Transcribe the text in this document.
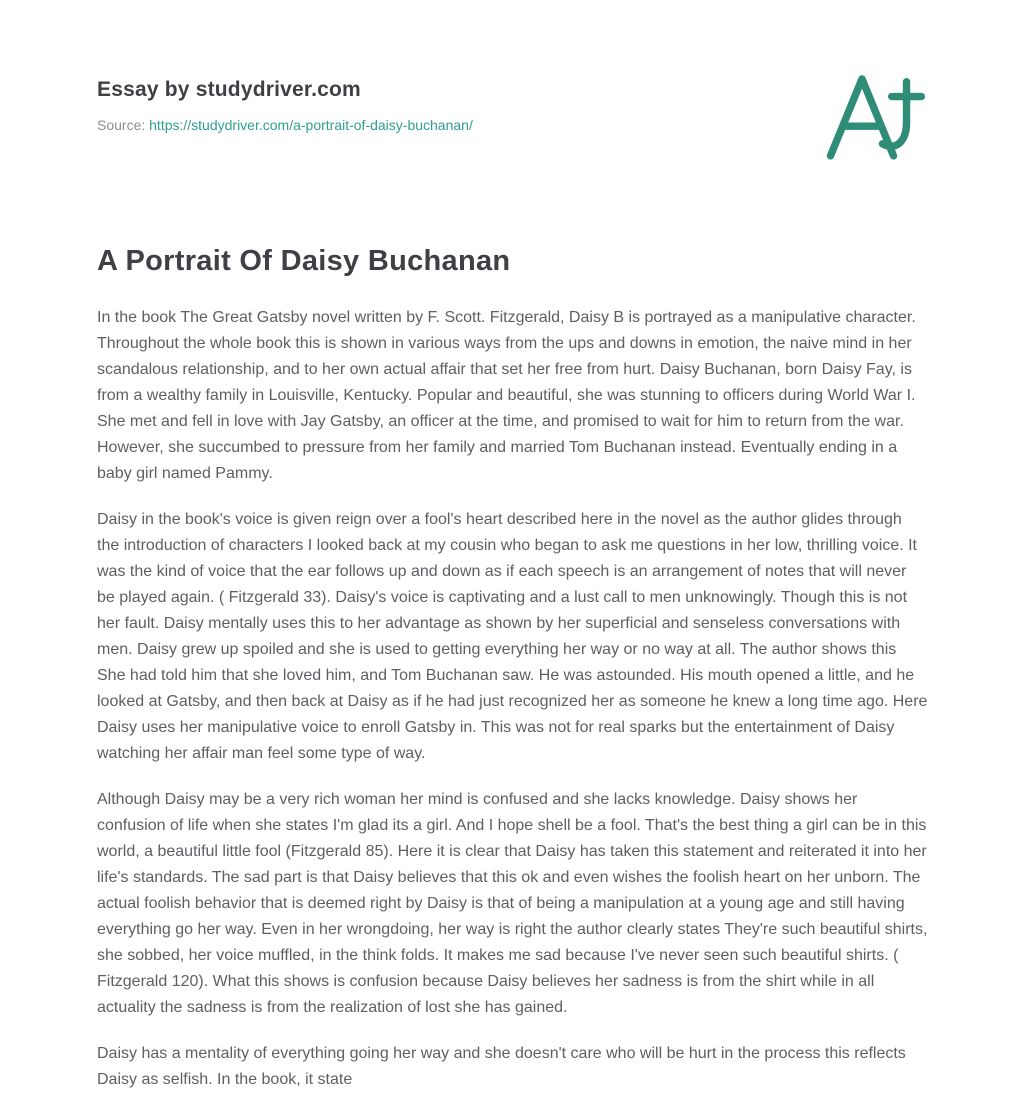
Essay by studydriver.com
Source: https://studydriver.com/a-portrait-of-daisy-buchanan/
A Portrait Of Daisy Buchanan

In the book The Great Gatsby novel written by F. Scott. Fitzgerald, Daisy B is portrayed as a manipulative character. Throughout the whole book this is shown in various ways from the ups and downs in emotion, the naive mind in her scandalous relationship, and to her own actual affair that set her free from hurt. Daisy Buchanan, born Daisy Fay, is from a wealthy family in Louisville, Kentucky. Popular and beautiful, she was stunning to officers during World War I. She met and fell in love with Jay Gatsby, an officer at the time, and promised to wait for him to return from the war. However, she succumbed to pressure from her family and married Tom Buchanan instead. Eventually ending in a baby girl named Pammy.

Daisy in the book's voice is given reign over a fool's heart described here in the novel as the author glides through the introduction of characters I looked back at my cousin who began to ask me questions in her low, thrilling voice. It was the kind of voice that the ear follows up and down as if each speech is an arrangement of notes that will never be played again. ( Fitzgerald 33). Daisy's voice is captivating and a lust call to men unknowingly. Though this is not her fault. Daisy mentally uses this to her advantage as shown by her superficial and senseless conversations with men. Daisy grew up spoiled and she is used to getting everything her way or no way at all. The author shows this She had told him that she loved him, and Tom Buchanan saw. He was astounded. His mouth opened a little, and he looked at Gatsby, and then back at Daisy as if he had just recognized her as someone he knew a long time ago. Here Daisy uses her manipulative voice to enroll Gatsby in. This was not for real sparks but the entertainment of Daisy watching her affair man feel some type of way.

Although Daisy may be a very rich woman her mind is confused and she lacks knowledge. Daisy shows her confusion of life when she states I'm glad its a girl. And I hope shell be a fool. That's the best thing a girl can be in this world, a beautiful little fool (Fitzgerald 85). Here it is clear that Daisy has taken this statement and reiterated it into her life's standards. The sad part is that Daisy believes that this ok and even wishes the foolish heart on her unborn. The actual foolish behavior that is deemed right by Daisy is that of being a manipulation at a young age and still having everything go her way. Even in her wrongdoing, her way is right the author clearly states They're such beautiful shirts, she sobbed, her voice muffled, in the think folds. It makes me sad because I've never seen such beautiful shirts. ( Fitzgerald 120). What this shows is confusion because Daisy believes her sadness is from the shirt while in all actuality the sadness is from the realization of lost she has gained.

Daisy has a mentality of everything going her way and she doesn't care who will be hurt in the process this reflects Daisy as selfish. In the book, it state
